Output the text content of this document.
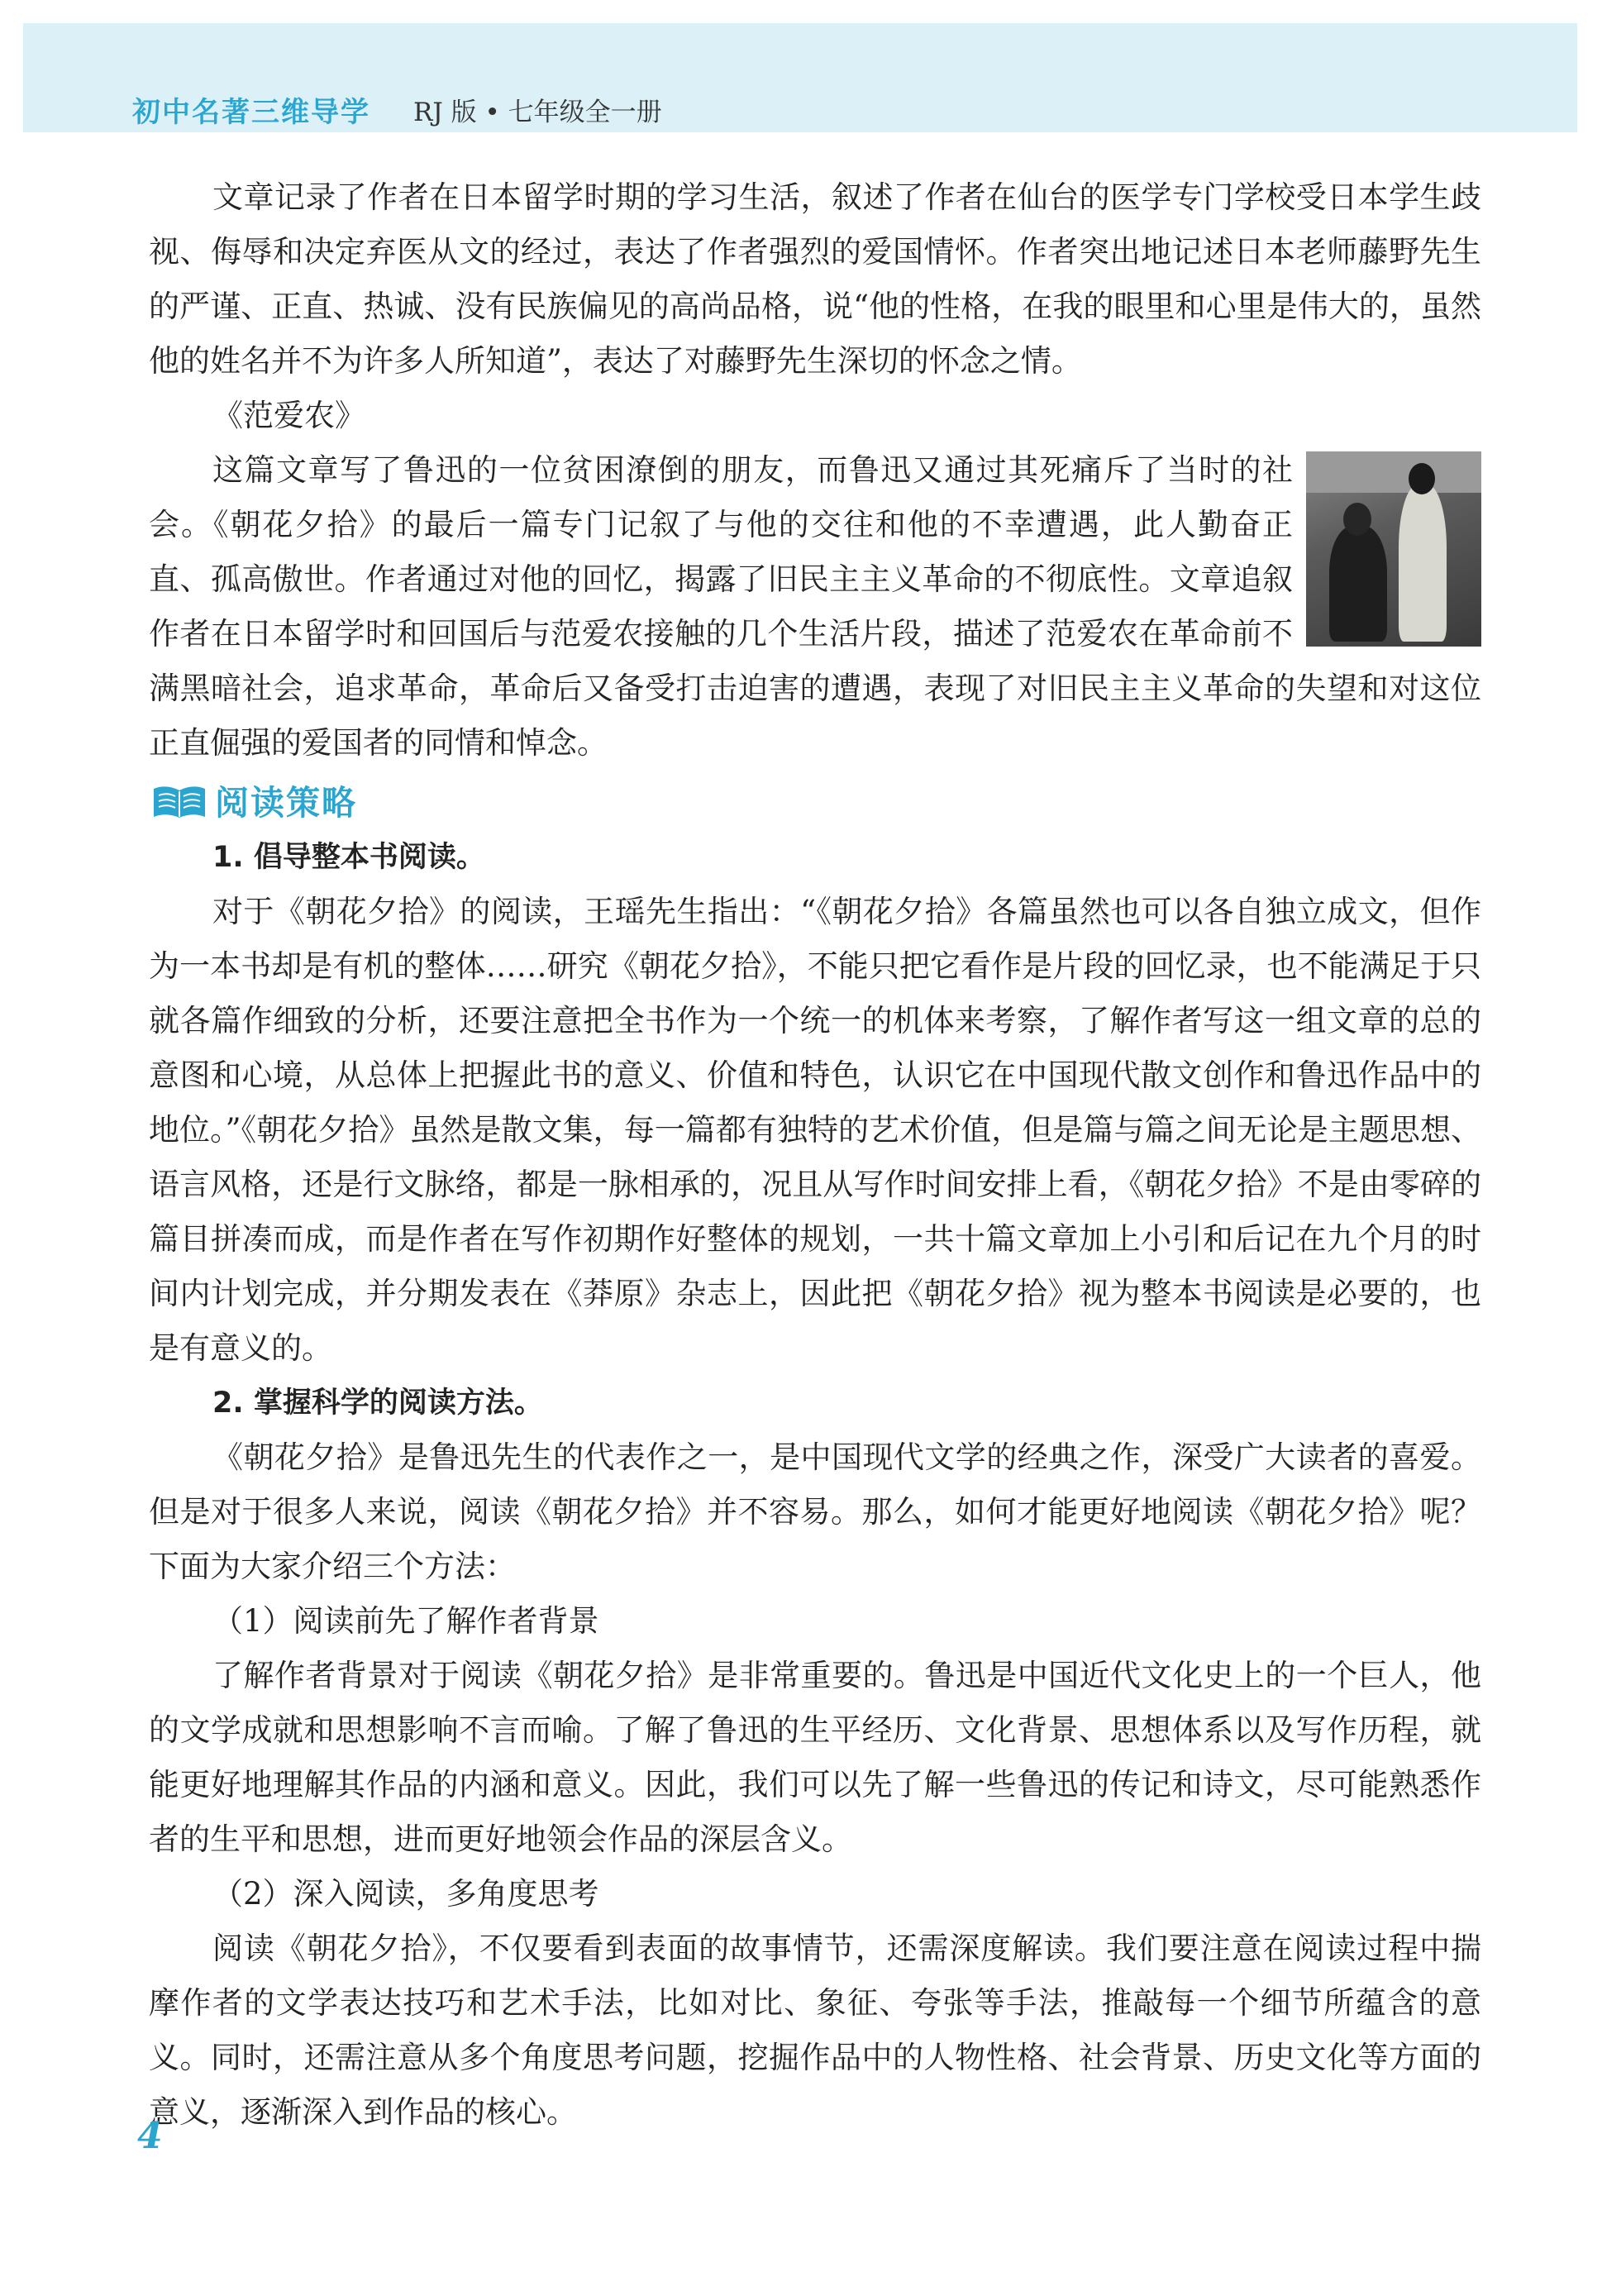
初中名著三维导学 RJ 版 • 七年级全一册

文章记录了作者在日本留学时期的学习生活，叙述了作者在仙台的医学专门学校受日本学生歧视、侮辱和决定弃医从文的经过，表达了作者强烈的爱国情怀。作者突出地记述日本老师藤野先生的严谨、正直、热诚、没有民族偏见的高尚品格，说“他的性格，在我的眼里和心里是伟大的，虽然他的姓名并不为许多人所知道”，表达了对藤野先生深切的怀念之情。

《范爱农》

这篇文章写了鲁迅的一位贫困潦倒的朋友，而鲁迅又通过其死痛斥了当时的社会。《朝花夕拾》的最后一篇专门记叙了与他的交往和他的不幸遭遇，此人勤奋正直、孤高傲世。作者通过对他的回忆，揭露了旧民主主义革命的不彻底性。文章追叙作者在日本留学时和回国后与范爱农接触的几个生活片段，描述了范爱农在革命前不满黑暗社会，追求革命，革命后又备受打击迫害的遭遇，表现了对旧民主主义革命的失望和对这位正直倔强的爱国者的同情和悼念。

阅读策略

1. 倡导整本书阅读。

对于《朝花夕拾》的阅读，王瑶先生指出：“《朝花夕拾》各篇虽然也可以各自独立成文，但作为一本书却是有机的整体……研究《朝花夕拾》，不能只把它看作是片段的回忆录，也不能满足于只就各篇作细致的分析，还要注意把全书作为一个统一的机体来考察，了解作者写这一组文章的总的意图和心境，从总体上把握此书的意义、价值和特色，认识它在中国现代散文创作和鲁迅作品中的地位。”《朝花夕拾》虽然是散文集，每一篇都有独特的艺术价值，但是篇与篇之间无论是主题思想、语言风格，还是行文脉络，都是一脉相承的，况且从写作时间安排上看，《朝花夕拾》不是由零碎的篇目拼凑而成，而是作者在写作初期作好整体的规划，一共十篇文章加上小引和后记在九个月的时间内计划完成，并分期发表在《莽原》杂志上，因此把《朝花夕拾》视为整本书阅读是必要的，也是有意义的。

2. 掌握科学的阅读方法。

《朝花夕拾》是鲁迅先生的代表作之一，是中国现代文学的经典之作，深受广大读者的喜爱。但是对于很多人来说，阅读《朝花夕拾》并不容易。那么，如何才能更好地阅读《朝花夕拾》呢？下面为大家介绍三个方法：

（1）阅读前先了解作者背景

了解作者背景对于阅读《朝花夕拾》是非常重要的。鲁迅是中国近代文化史上的一个巨人，他的文学成就和思想影响不言而喻。了解了鲁迅的生平经历、文化背景、思想体系以及写作历程，就能更好地理解其作品的内涵和意义。因此，我们可以先了解一些鲁迅的传记和诗文，尽可能熟悉作者的生平和思想，进而更好地领会作品的深层含义。

（2）深入阅读，多角度思考

阅读《朝花夕拾》，不仅要看到表面的故事情节，还需深度解读。我们要注意在阅读过程中揣摩作者的文学表达技巧和艺术手法，比如对比、象征、夸张等手法，推敲每一个细节所蕴含的意义。同时，还需注意从多个角度思考问题，挖掘作品中的人物性格、社会背景、历史文化等方面的意义，逐渐深入到作品的核心。

4
